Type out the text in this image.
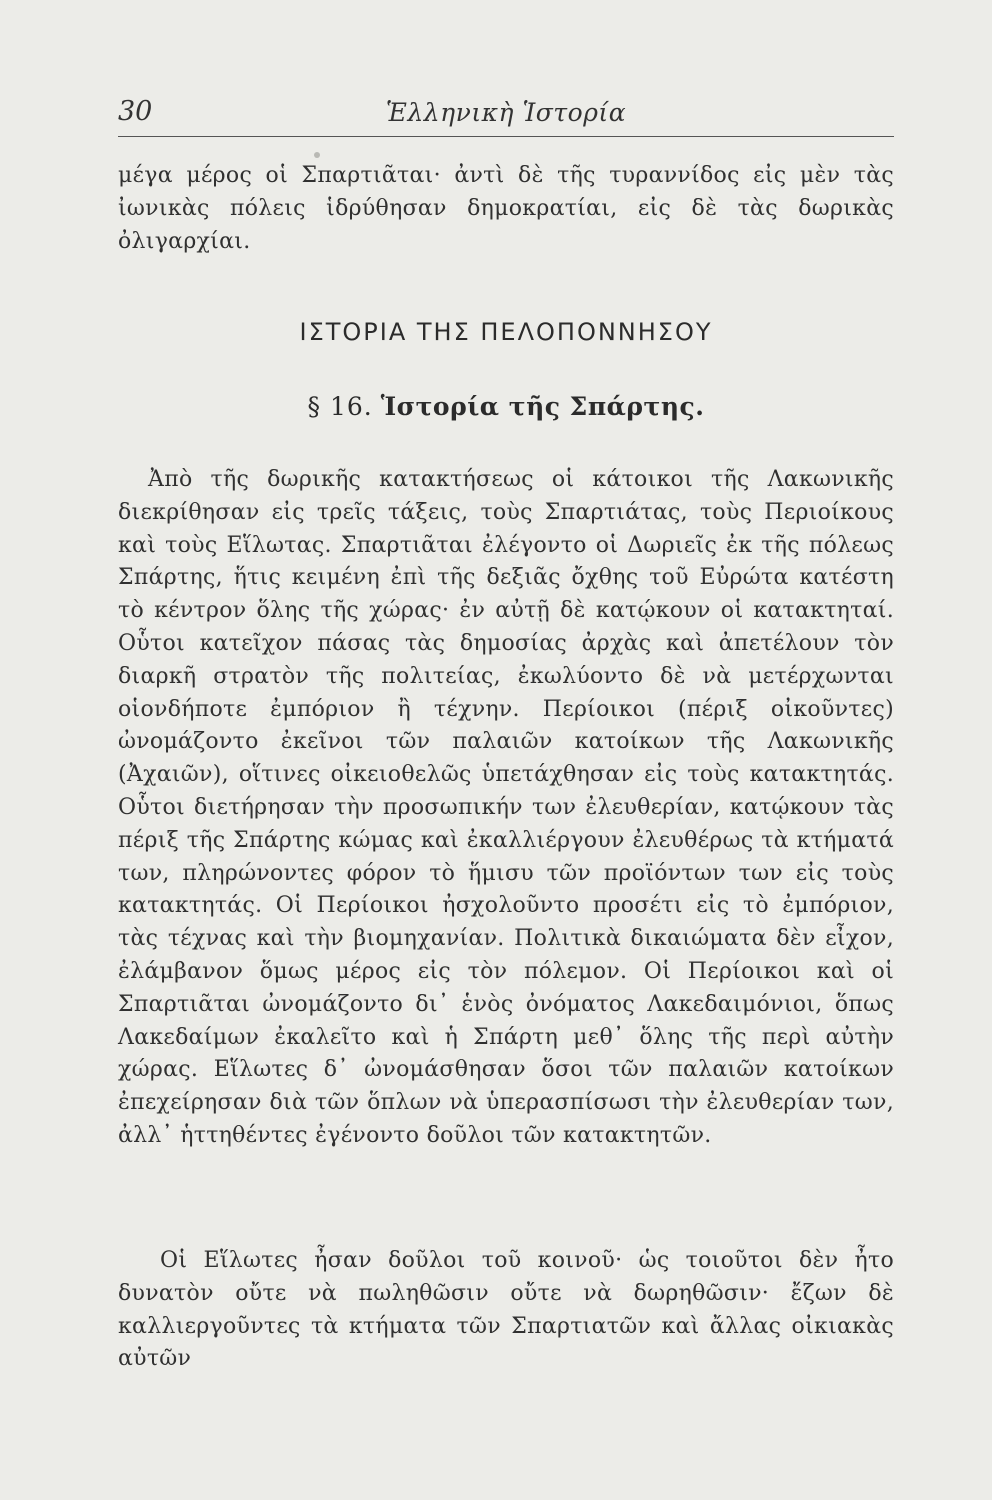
30	Ἑλληνικὴ Ἱστορία

μέγα μέρος οἱ Σπαρτιᾶται· ἀντὶ δὲ τῆς τυραννίδος εἰς μὲν τὰς ἰωνικὰς πόλεις ἱδρύθησαν δημοκρατίαι, εἰς δὲ τὰς δωρικὰς ὀλιγαρχίαι.

ΙΣΤΟΡΙΑ ΤΗΣ ΠΕΛΟΠΟΝΝΗΣΟΥ
§ 16. Ἱστορία τῆς Σπάρτης.

Ἀπὸ τῆς δωρικῆς κατακτήσεως οἱ κάτοικοι τῆς Λακωνικῆς διεκρίθησαν εἰς τρεῖς τάξεις, τοὺς Σπαρτιάτας, τοὺς Περιοίκους καὶ τοὺς Εἵλωτας. Σπαρτιᾶται ἐλέγοντο οἱ Δωριεῖς ἐκ τῆς πόλεως Σπάρτης, ἥτις κειμένη ἐπὶ τῆς δεξιᾶς ὄχθης τοῦ Εὐρώτα κατέστη τὸ κέντρον ὅλης τῆς χώρας· ἐν αὐτῇ δὲ κατῴκουν οἱ κατακτηταί. Οὗτοι κατεῖχον πάσας τὰς δημοσίας ἀρχὰς καὶ ἀπετέλουν τὸν διαρκῆ στρατὸν τῆς πολιτείας, ἐκωλύοντο δὲ νὰ μετέρχωνται οἱονδήποτε ἐμπόριον ἢ τέχνην. Περίοικοι (πέριξ οἰκοῦντες) ὠνομάζοντο ἐκεῖνοι τῶν παλαιῶν κατοίκων τῆς Λακωνικῆς (Ἀχαιῶν), οἵτινες οἰκειοθελῶς ὑπετάχθησαν εἰς τοὺς κατακτητάς. Οὗτοι διετήρησαν τὴν προσωπικήν των ἐλευθερίαν, κατῴκουν τὰς πέριξ τῆς Σπάρτης κώμας καὶ ἐκαλλιέργουν ἐλευθέρως τὰ κτήματά των, πληρώνοντες φόρον τὸ ἥμισυ τῶν προϊόντων των εἰς τοὺς κατακτητάς. Οἱ Περίοικοι ἠσχολοῦντο προσέτι εἰς τὸ ἐμπόριον, τὰς τέχνας καὶ τὴν βιομηχανίαν. Πολιτικὰ δικαιώματα δὲν εἶχον, ἐλάμβανον ὅμως μέρος εἰς τὸν πόλεμον. Οἱ Περίοικοι καὶ οἱ Σπαρτιᾶται ὠνομάζοντο δι᾽ ἑνὸς ὀνόματος Λακεδαιμόνιοι, ὅπως Λακεδαίμων ἐκαλεῖτο καὶ ἡ Σπάρτη μεθ᾽ ὅλης τῆς περὶ αὐτὴν χώρας. Εἵλωτες δ᾽ ὠνομάσθησαν ὅσοι τῶν παλαιῶν κατοίκων ἐπεχείρησαν διὰ τῶν ὅπλων νὰ ὑπερασπίσωσι τὴν ἐλευθερίαν των, ἀλλ᾽ ἡττηθέντες ἐγένοντο δοῦλοι τῶν κατακτητῶν.

Οἱ Εἵλωτες ἦσαν δοῦλοι τοῦ κοινοῦ· ὡς τοιοῦτοι δὲν ἦτο δυνατὸν οὔτε νὰ πωληθῶσιν οὔτε νὰ δωρηθῶσιν· ἔζων δὲ καλλιεργοῦντες τὰ κτήματα τῶν Σπαρτιατῶν καὶ ἄλλας οἰκιακὰς αὐτῶν
